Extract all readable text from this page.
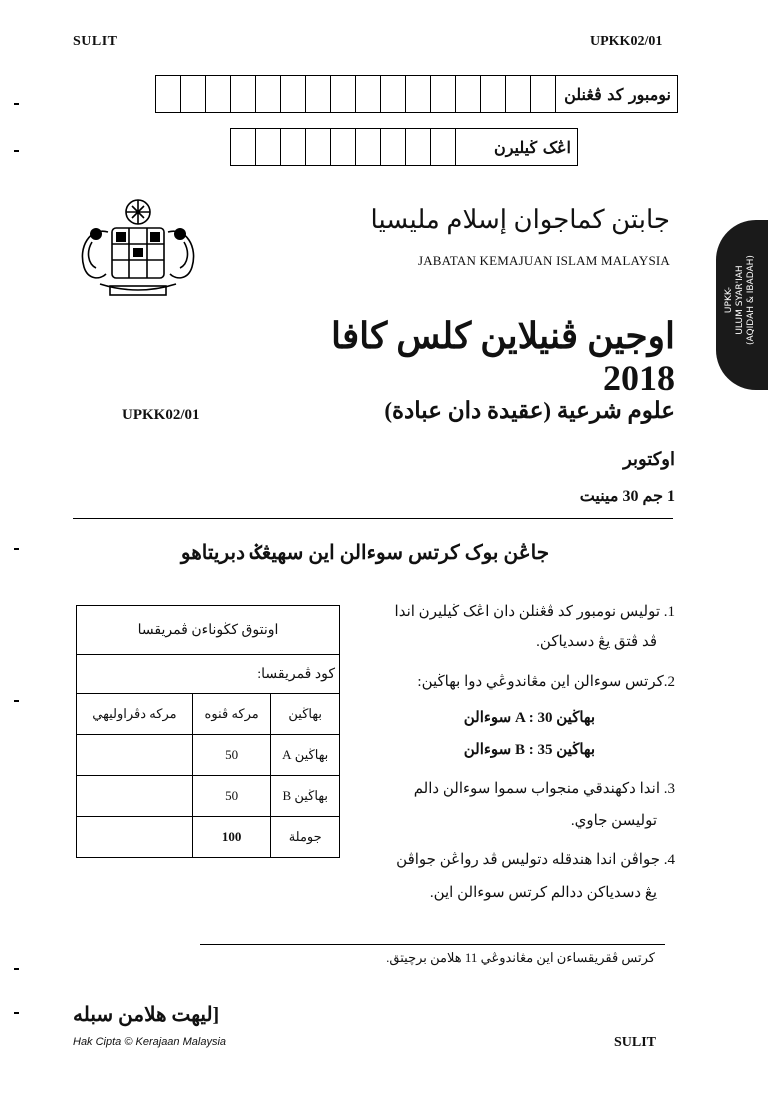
SULIT	UPKK02/01
نومبور كد ڤڠنلن
اڠک ڬيليرن
جابتن کماجوان إسلام مليسيا
JABATAN KEMAJUAN ISLAM MALAYSIA
UPKK- ULUM SYAR'IAH (AQIDAH & IBADAH)
اوجين ڤنيلاين کلس کافا 2018
UPKK02/01	علوم شرعية (عقيدة دان عبادة)
اوکتوبر
1 جم 30 مينيت
جاڠن بوک کرتس سوءالن اين سهيڠݢ دبريتاهو
اونتوق کڬوناءن ڤمريقسا		
کود ڤمريقسا:		
مرکه دڤراوليهي	مرکه ڤنوه	بهاڬين
	50	بهاڬين A
	50	بهاڬين B
	100	جوملة
1. توليس نومبور کد ڤڠنلن دان اڠک ڬيليرن اندا
ڤد ڤتق يڠ دسدياکن.
2.کرتس سوءالن اين مڠاندوڠي دوا بهاڬين:
بهاڬين A : 30 سوءالن
بهاڬين B : 35 سوءالن
3. اندا دکهندقي منجواب سموا سوءالن دالم
توليسن جاوي.
4. جواڤن اندا هندقله دتوليس ڤد رواڠن جواڤن
يڠ دسدياکن ددالم کرتس سوءالن اين.
کرتس ڤقريقساءن اين مڠاندوڠي 11 هلامن برچيتق.
[ليهت هلامن سبله
Hak Cipta © Kerajaan Malaysia	SULIT
